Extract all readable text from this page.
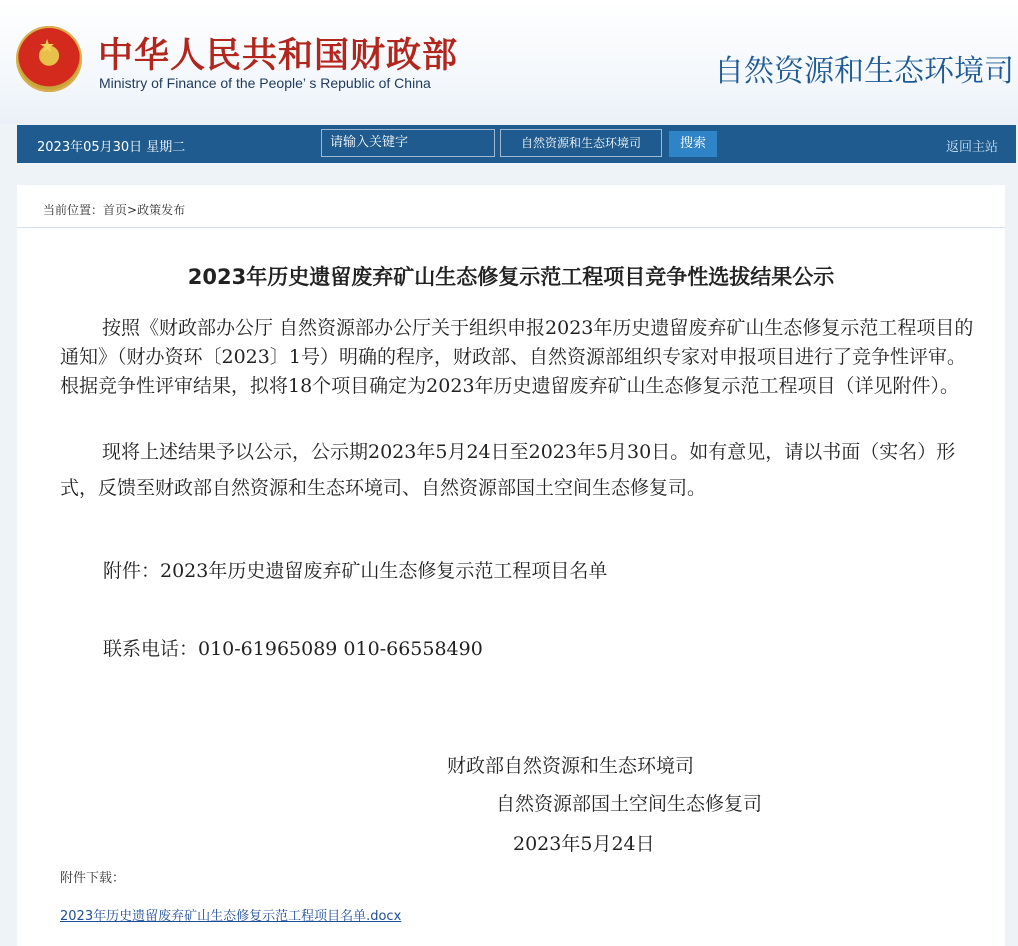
★ 中华人民共和国财政部
Ministry of Finance of the People’ s Republic of China	自然资源和生态环境司
2023年05月30日 星期二	请输入关键字	自然资源和生态环境司	搜索	返回主站
当前位置：首页>政策发布
2023年历史遗留废弃矿山生态修复示范工程项目竞争性选拔结果公示
按照《财政部办公厅 自然资源部办公厅关于组织申报2023年历史遗留废弃矿山生态修复示范工程项目的通知》（财办资环〔2023〕1号）明确的程序，财政部、自然资源部组织专家对申报项目进行了竞争性评审。根据竞争性评审结果，拟将18个项目确定为2023年历史遗留废弃矿山生态修复示范工程项目（详见附件）。
现将上述结果予以公示，公示期2023年5月24日至2023年5月30日。如有意见，请以书面（实名）形式，反馈至财政部自然资源和生态环境司、自然资源部国土空间生态修复司。
附件：2023年历史遗留废弃矿山生态修复示范工程项目名单
联系电话：010-61965089 010-66558490
财政部自然资源和生态环境司
自然资源部国土空间生态修复司
2023年5月24日
附件下载：
2023年历史遗留废弃矿山生态修复示范工程项目名单.docx
